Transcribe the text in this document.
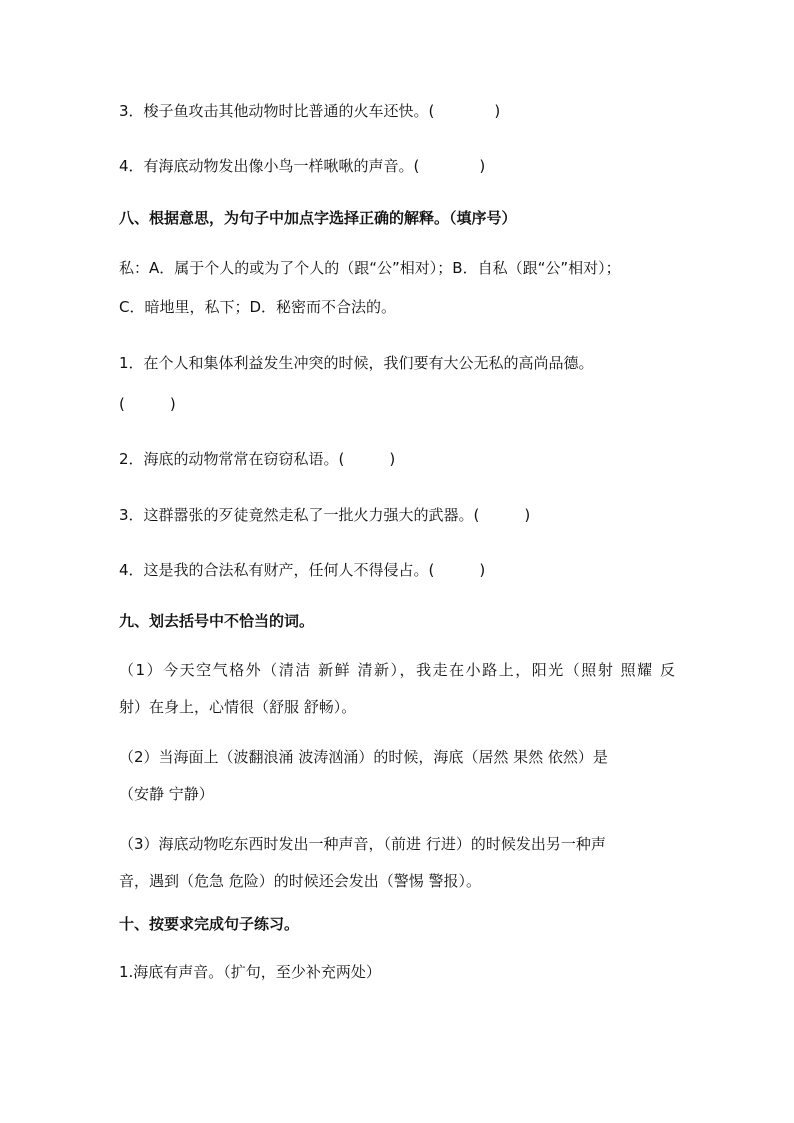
3．梭子鱼攻击其他动物时比普通的火车还快。(　　　　)
4．有海底动物发出像小鸟一样啾啾的声音。(　　　　)
八、根据意思，为句子中加点字选择正确的解释。（填序号）
私：A．属于个人的或为了个人的（跟“公”相对）；B．自私（跟“公”相对）；
C．暗地里，私下；D．秘密而不合法的。
1．在个人和集体利益发生冲突的时候，我们要有大公无私的高尚品德。
(　　　)
2．海底的动物常常在窃窃私语。(　　　)
3．这群嚣张的歹徒竟然走私了一批火力强大的武器。(　　　)
4．这是我的合法私有财产，任何人不得侵占。(　　　)
九、划去括号中不恰当的词。
（1）今天空气格外（清洁 新鲜 清新），我走在小路上，阳光（照射 照耀 反
射）在身上，心情很（舒服 舒畅）。
（2）当海面上（波翻浪涌 波涛汹涌）的时候，海底（居然 果然 依然）是
（安静 宁静）
（3）海底动物吃东西时发出一种声音，（前进 行进）的时候发出另一种声
音，遇到（危急 危险）的时候还会发出（警惕 警报）。
十、按要求完成句子练习。
1.海底有声音。（扩句，至少补充两处）
